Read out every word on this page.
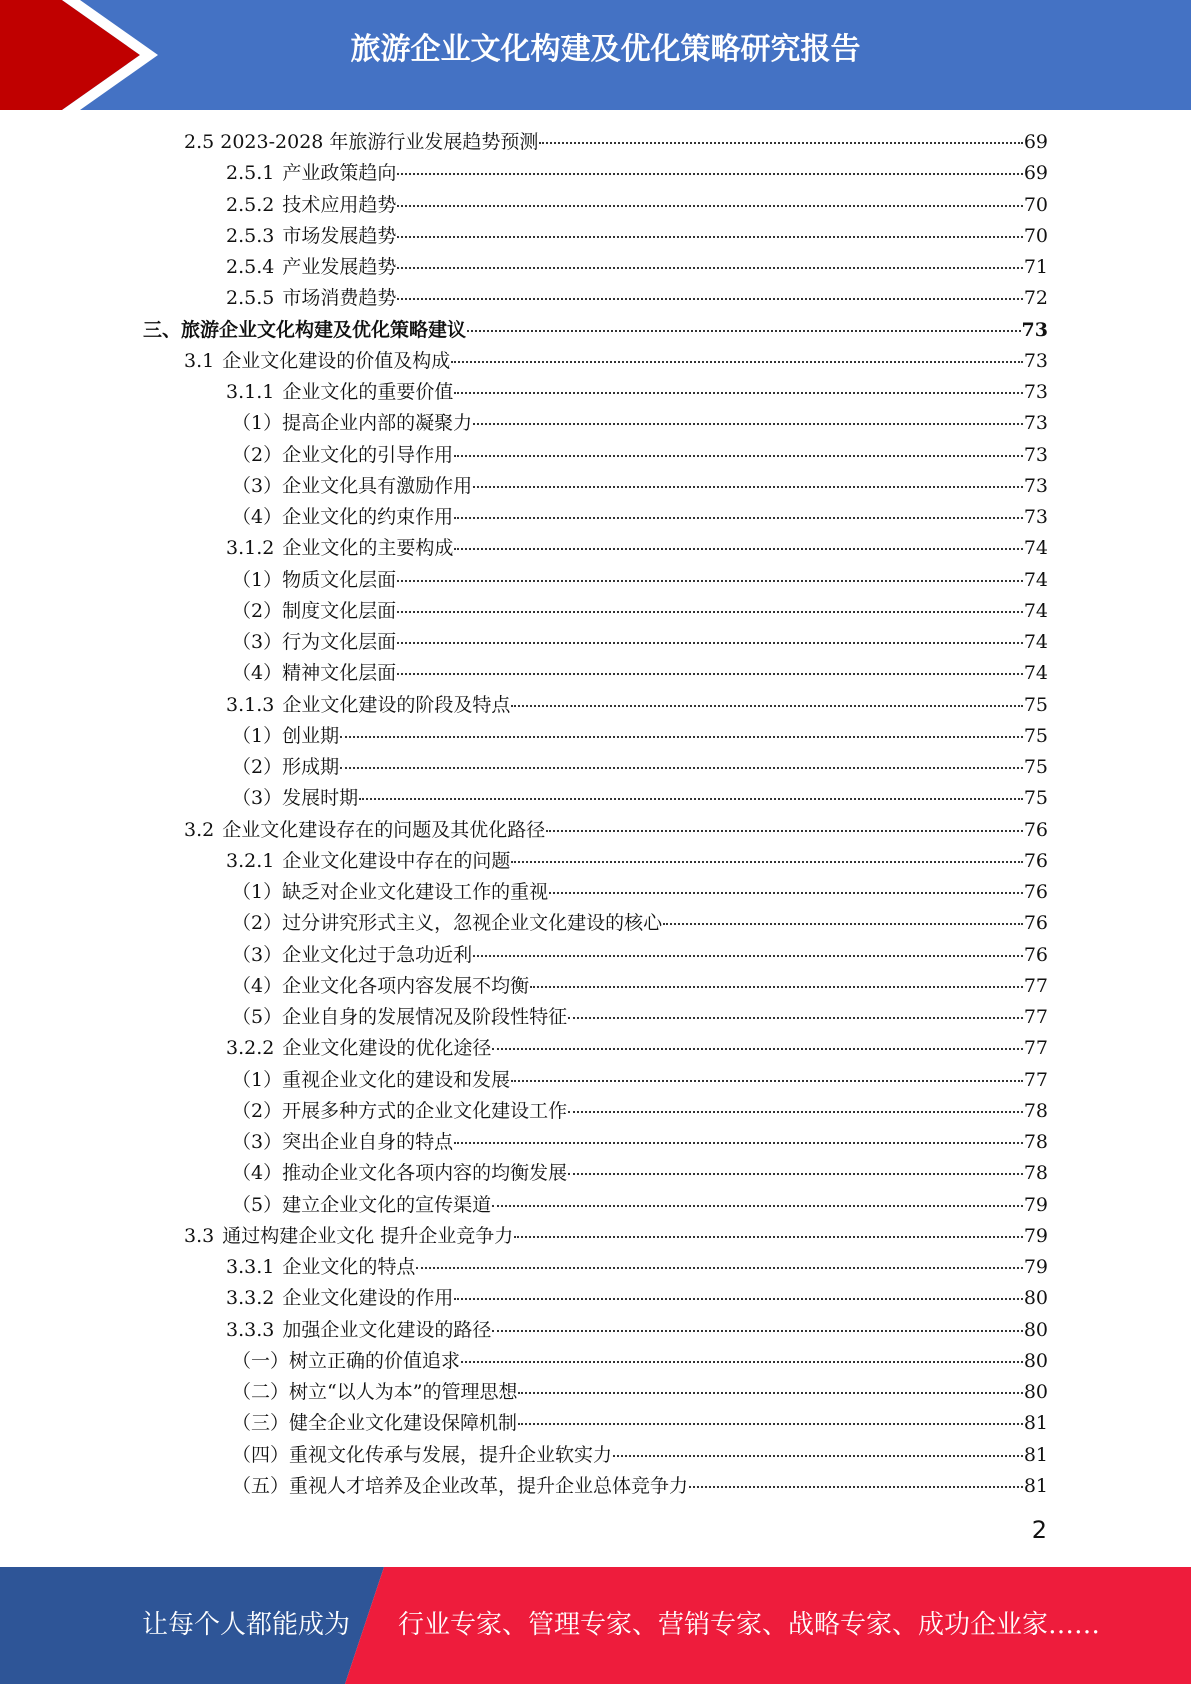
旅游企业文化构建及优化策略研究报告
2.5 2023-2028 年旅游行业发展趋势预测	69
2.5.1 产业政策趋向	69
2.5.2 技术应用趋势	70
2.5.3 市场发展趋势	70
2.5.4 产业发展趋势	71
2.5.5 市场消费趋势	72
三、旅游企业文化构建及优化策略建议	73
3.1 企业文化建设的价值及构成	73
3.1.1 企业文化的重要价值	73
（1） 提高企业内部的凝聚力	73
（2） 企业文化的引导作用	73
（3） 企业文化具有激励作用	73
（4） 企业文化的约束作用	73
3.1.2 企业文化的主要构成	74
（1） 物质文化层面	74
（2） 制度文化层面	74
（3） 行为文化层面	74
（4） 精神文化层面	74
3.1.3 企业文化建设的阶段及特点	75
（1） 创业期	75
（2） 形成期	75
（3） 发展时期	75
3.2 企业文化建设存在的问题及其优化路径	76
3.2.1 企业文化建设中存在的问题	76
（1） 缺乏对企业文化建设工作的重视	76
（2） 过分讲究形式主义，忽视企业文化建设的核心	76
（3） 企业文化过于急功近利	76
（4） 企业文化各项内容发展不均衡	77
（5） 企业自身的发展情况及阶段性特征	77
3.2.2 企业文化建设的优化途径	77
（1） 重视企业文化的建设和发展	77
（2） 开展多种方式的企业文化建设工作	78
（3） 突出企业自身的特点	78
（4） 推动企业文化各项内容的均衡发展	78
（5） 建立企业文化的宣传渠道	79
3.3 通过构建企业文化 提升企业竞争力	79
3.3.1 企业文化的特点	79
3.3.2 企业文化建设的作用	80
3.3.3 加强企业文化建设的路径	80
（一） 树立正确的价值追求	80
（二） 树立“以人为本”的管理思想	80
（三） 健全企业文化建设保障机制	81
（四） 重视文化传承与发展，提升企业软实力	81
（五） 重视人才培养及企业改革，提升企业总体竞争力	81
2
让每个人都能成为 行业专家、管理专家、营销专家、战略专家、成功企业家……
